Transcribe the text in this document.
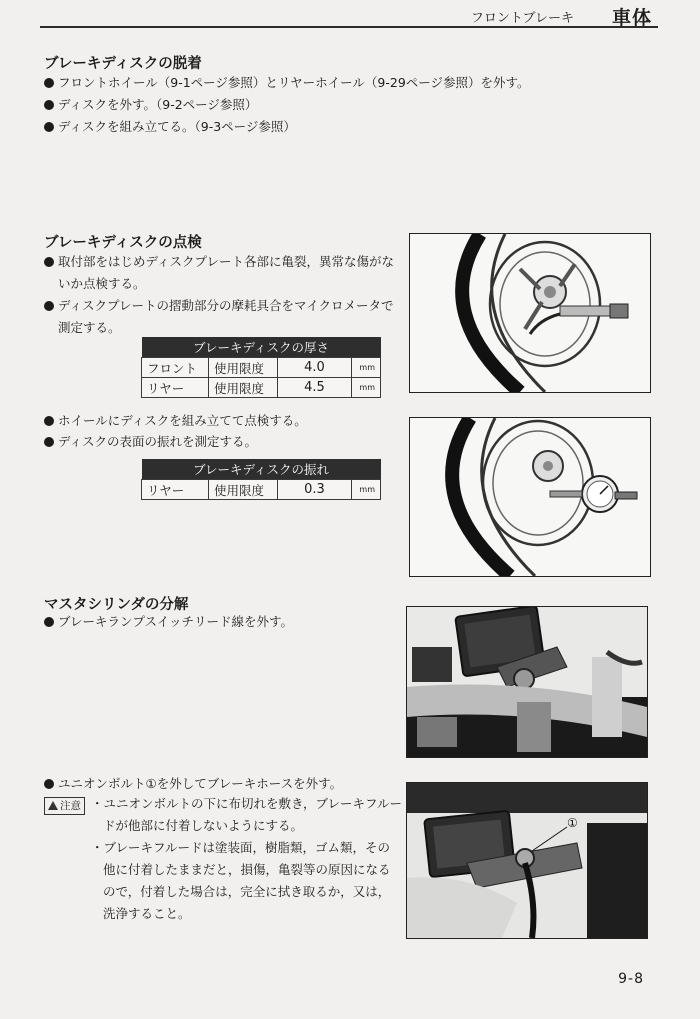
フロントブレーキ 車体
ブレーキディスクの脱着

フロントホイール（9-1ページ参照）とリヤーホイール（9-29ページ参照）を外す。

ディスクを外す。（9-2ページ参照）

ディスクを組み立てる。（9-3ページ参照）

ブレーキディスクの点検

取付部をはじめディスクプレート各部に亀裂，異常な傷がな

いか点検する。

ディスクプレートの摺動部分の摩耗具合をマイクロメータで

測定する。

ブレーキディスクの厚さ			
フロント	使用限度	4.0	mm
リヤー	使用限度	4.5	mm

ホイールにディスクを組み立てて点検する。

ディスクの表面の振れを測定する。

ブレーキディスクの振れ
リヤー	使用限度	0.3	mm
マスタシリンダの分解

ブレーキランプスイッチリード線を外す。

ユニオンボルト①を外してブレーキホースを外す。

注意 ・ユニオンボルトの下に布切れを敷き，ブレーキフルー

ドが他部に付着しないようにする。

・ブレーキフルードは塗装面，樹脂類，ゴム類，その

他に付着したままだと，損傷，亀裂等の原因になる

ので，付着した場合は，完全に拭き取るか，又は，

洗浄すること。

①
9-8
